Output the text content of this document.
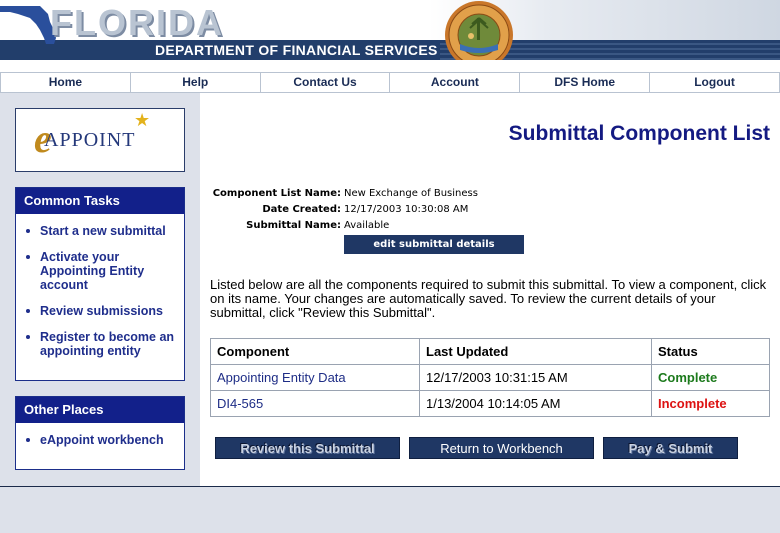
FLORIDA
DEPARTMENT OF FINANCIAL SERVICES
Home	Help	Contact Us	Account	DFS Home	Logout
e	★
APPOINT
Common Tasks
Start a new submittal
Activate your Appointing Entity account
Review submissions
Register to become an appointing entity
Other Places
eAppoint workbench
Submittal Component List
Component List Name: New Exchange of Business
Date Created: 12/17/2003 10:30:08 AM
Submittal Name: Available
edit submittal details
Listed below are all the components required to submit this submittal. To view a component, click on its name. Your changes are automatically saved. To review the current details of your submittal, click "Review this Submittal".
Component	Last Updated	Status
Appointing Entity Data	12/17/2003 10:31:15 AM	Complete
DI4-565	1/13/2004 10:14:05 AM	Incomplete
Review this Submittal	Return to Workbench	Pay & Submit
